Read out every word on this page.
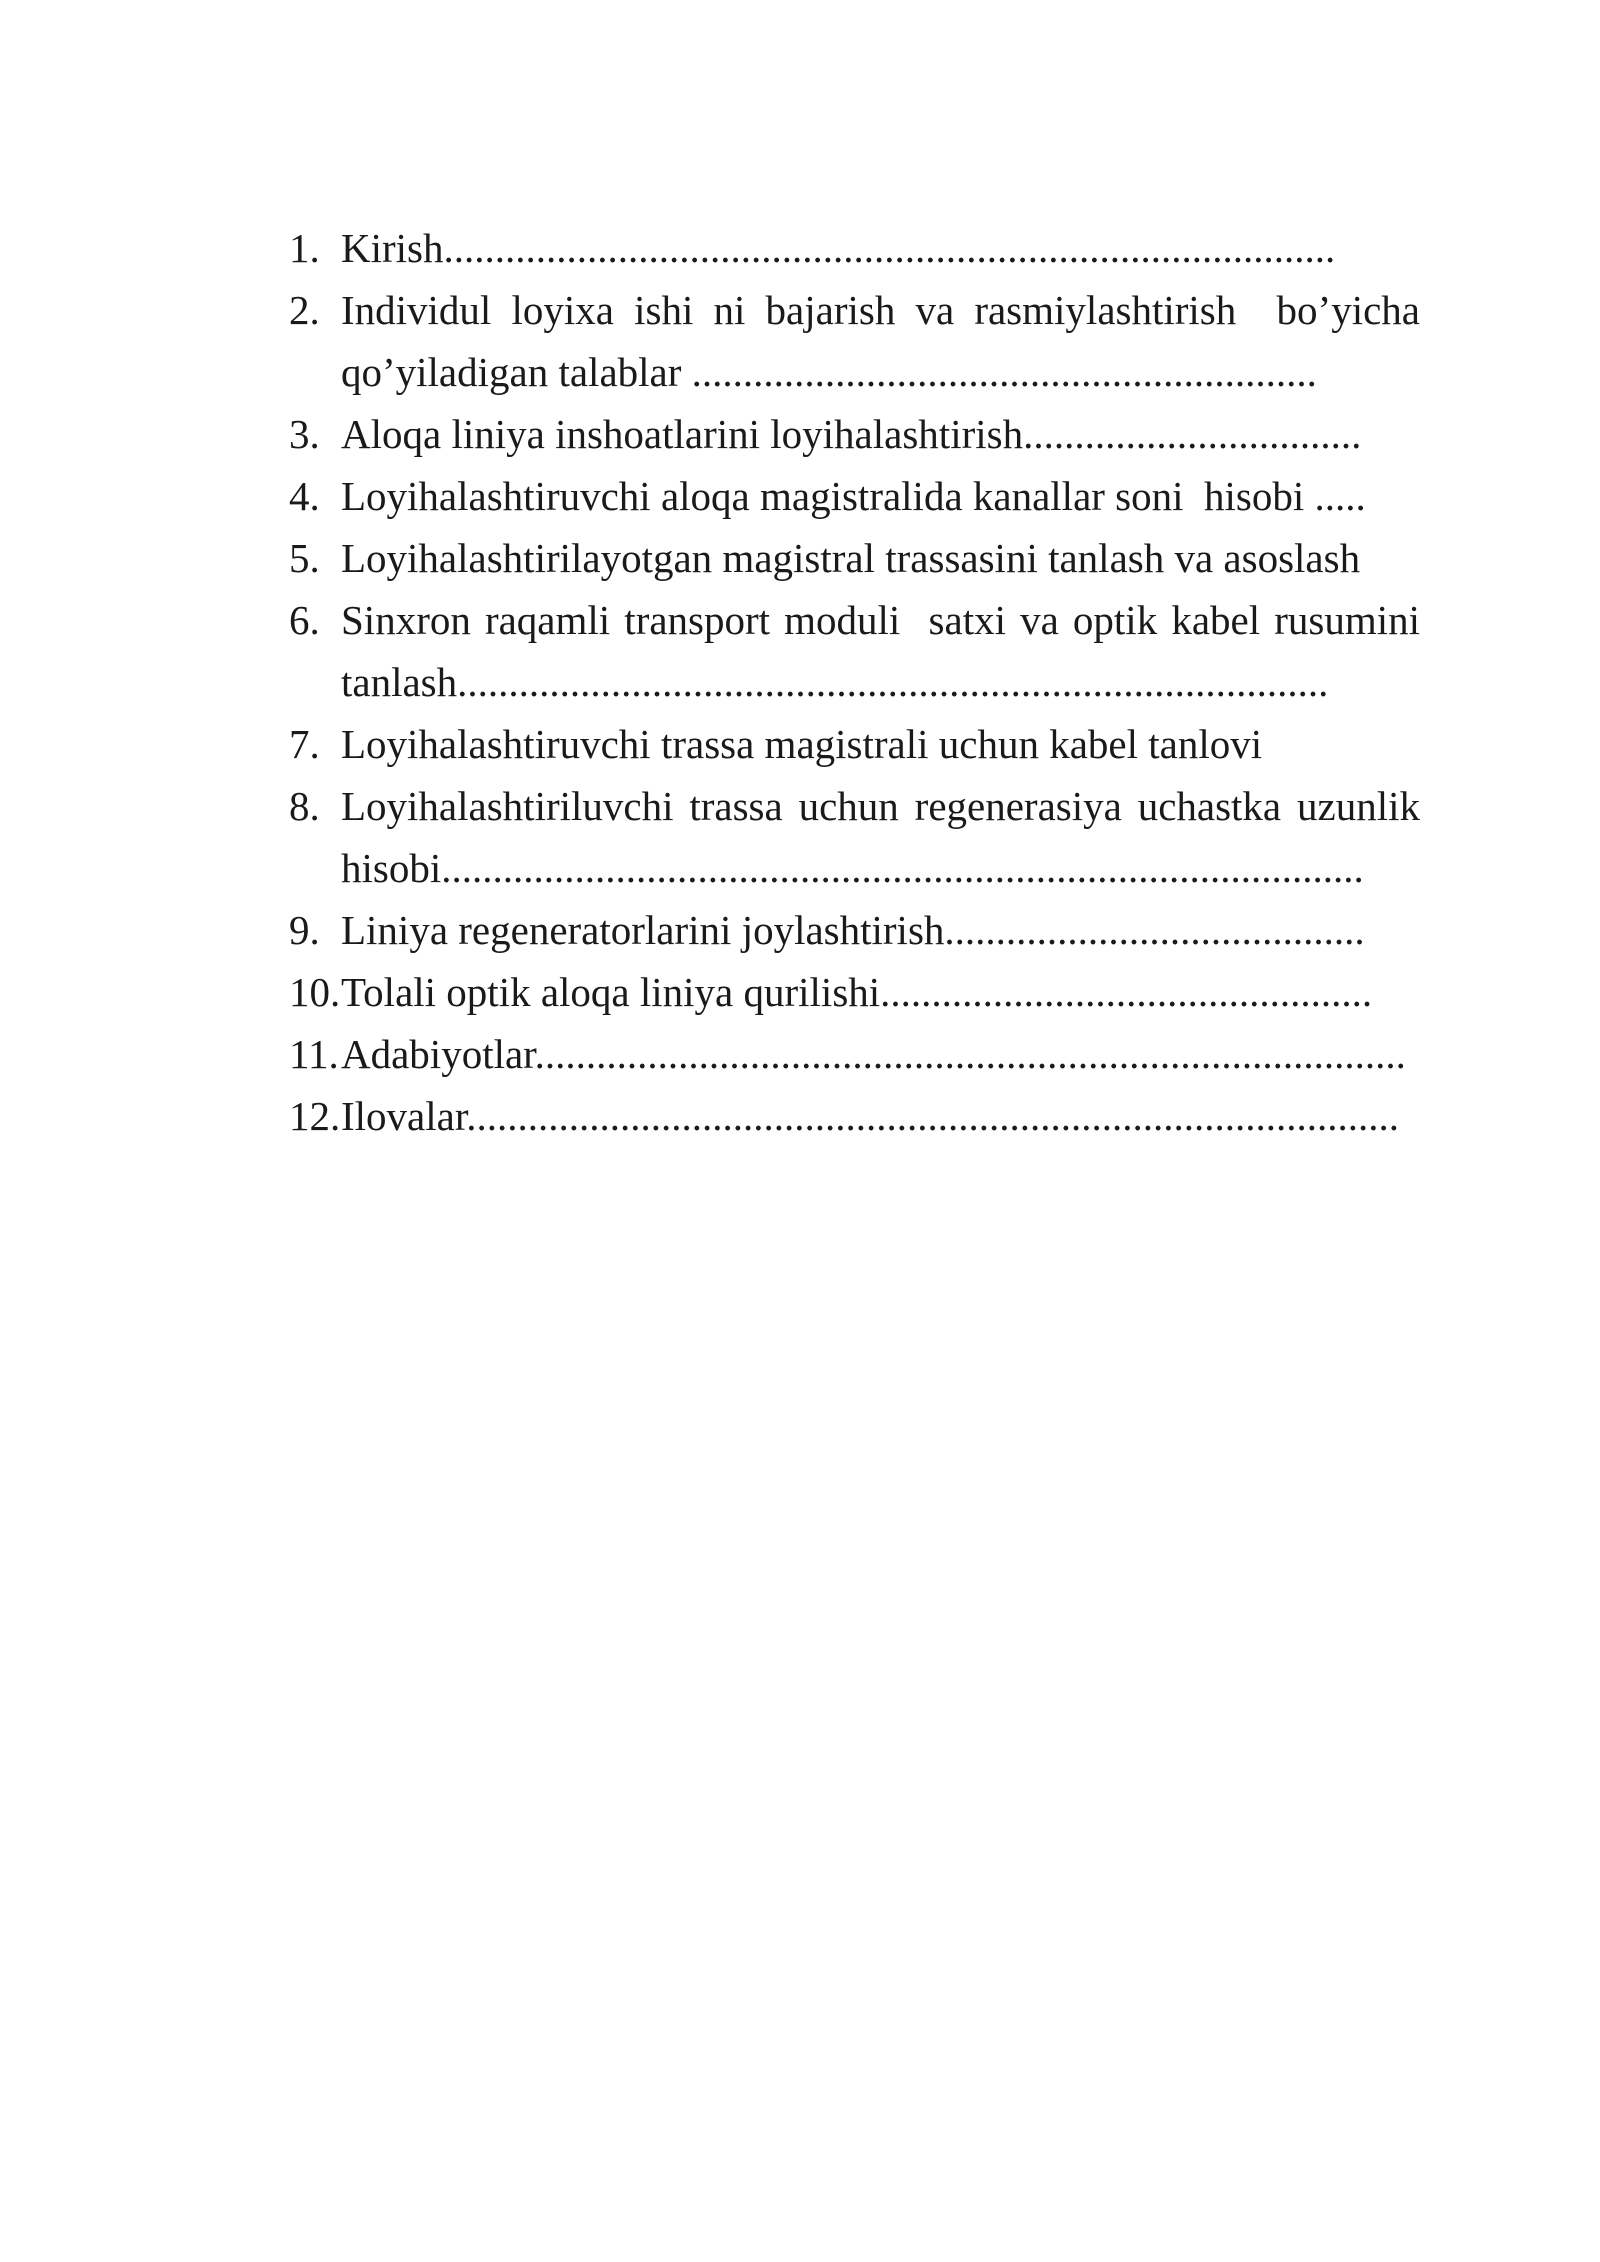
1. Kirish.......................................................................................
2. Individul loyixa ishi ni bajarish va rasmiylashtirish  bo’yicha
qo’yiladigan talablar .............................................................
3. Aloqa liniya inshoatlarini loyihalashtirish.................................
4. Loyihalashtiruvchi aloqa magistralida kanallar soni  hisobi .....
5. Loyihalashtirilayotgan magistral trassasini tanlash va asoslash
6. Sinxron raqamli transport moduli  satxi va optik kabel rusumini
tanlash.....................................................................................
7. Loyihalashtiruvchi trassa magistrali uchun kabel tanlovi
8. Loyihalashtiriluvchi trassa uchun regenerasiya uchastka uzunlik
hisobi..........................................................................................
9. Liniya regeneratorlarini joylashtirish.........................................
10. Tolali optik aloqa liniya qurilishi................................................
11. Adabiyotlar.....................................................................................
12. Ilovalar...........................................................................................
